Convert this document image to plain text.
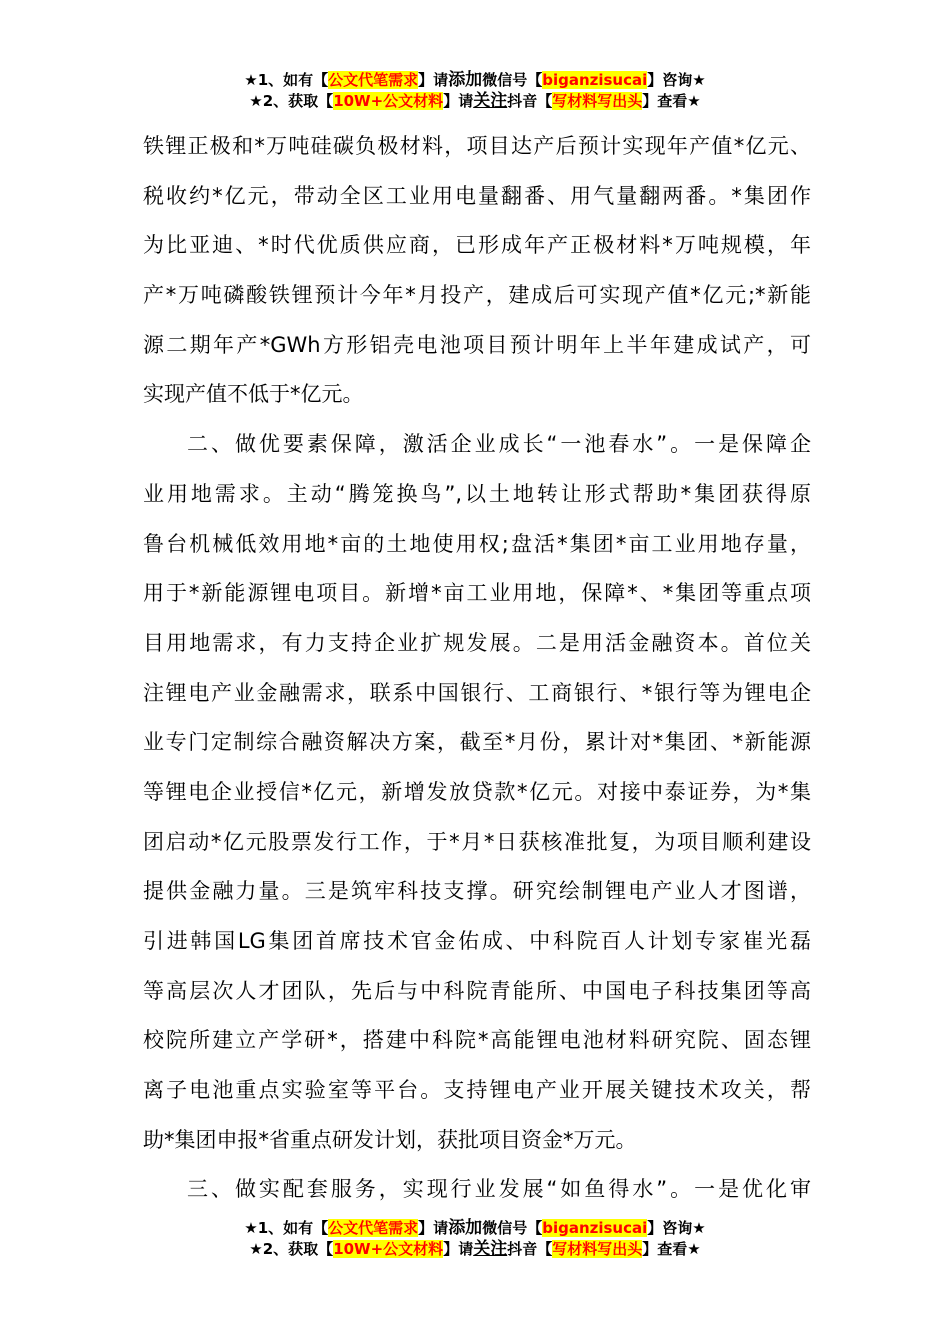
★1、如有【公文代笔需求】请添加微信号【biganzisucai】咨询★
★2、获取【10W+公文材料】请关注抖音【写材料写出头】查看★
铁锂正极和*万吨硅碳负极材料，项目达产后预计实现年产值*亿元、
税收约*亿元，带动全区工业用电量翻番、用气量翻两番。*集团作
为比亚迪、*时代优质供应商，已形成年产正极材料*万吨规模，年
产*万吨磷酸铁锂预计今年*月投产，建成后可实现产值*亿元;*新能
源二期年产*GWh方形铝壳电池项目预计明年上半年建成试产，可
实现产值不低于*亿元。
二、做优要素保障，激活企业成长“一池春水”。一是保障企
业用地需求。主动“腾笼换鸟”,以土地转让形式帮助*集团获得原
鲁台机械低效用地*亩的土地使用权;盘活*集团*亩工业用地存量，
用于*新能源锂电项目。新增*亩工业用地，保障*、*集团等重点项
目用地需求，有力支持企业扩规发展。二是用活金融资本。首位关
注锂电产业金融需求，联系中国银行、工商银行、*银行等为锂电企
业专门定制综合融资解决方案，截至*月份，累计对*集团、*新能源
等锂电企业授信*亿元，新增发放贷款*亿元。对接中泰证券，为*集
团启动*亿元股票发行工作，于*月*日获核准批复，为项目顺利建设
提供金融力量。三是筑牢科技支撑。研究绘制锂电产业人才图谱，
引进韩国LG集团首席技术官金佑成、中科院百人计划专家崔光磊
等高层次人才团队，先后与中科院青能所、中国电子科技集团等高
校院所建立产学研*，搭建中科院*高能锂电池材料研究院、固态锂
离子电池重点实验室等平台。支持锂电产业开展关键技术攻关，帮
助*集团申报*省重点研发计划，获批项目资金*万元。
三、做实配套服务，实现行业发展“如鱼得水”。一是优化审
★1、如有【公文代笔需求】请添加微信号【biganzisucai】咨询★
★2、获取【10W+公文材料】请关注抖音【写材料写出头】查看★
